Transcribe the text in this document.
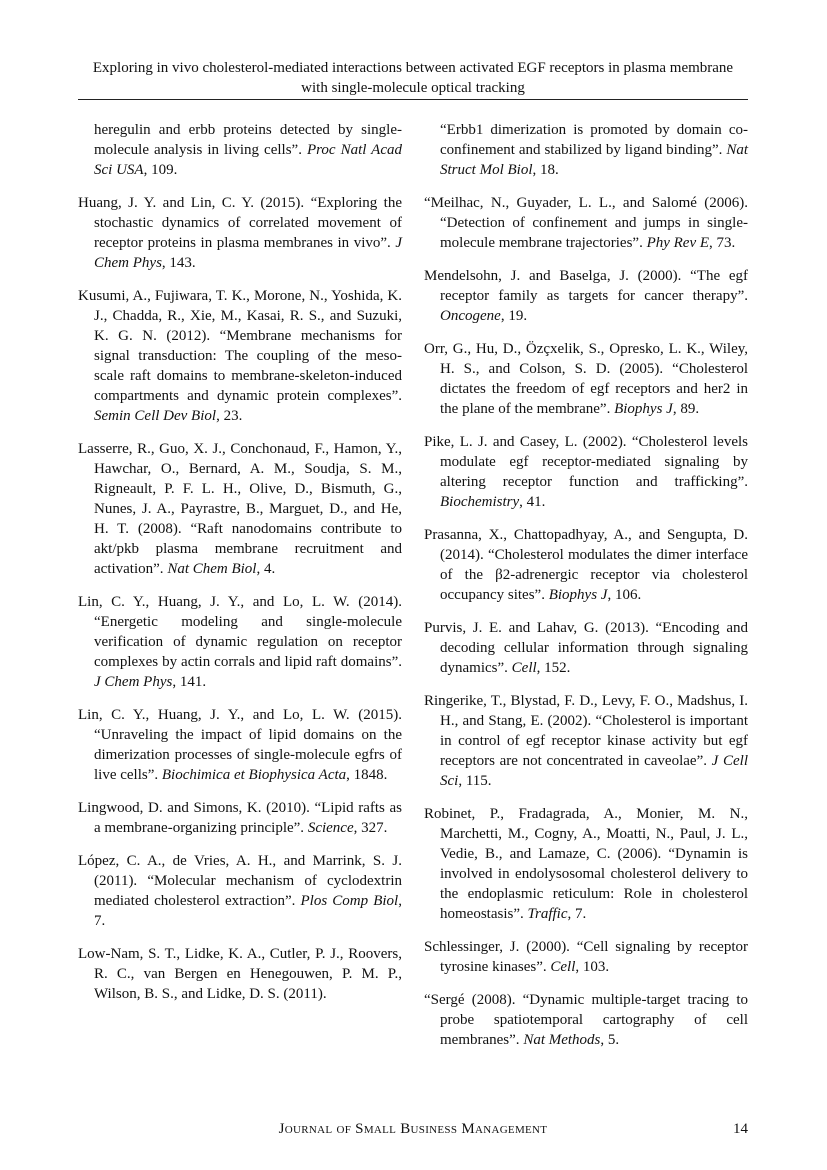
Exploring in vivo cholesterol-mediated interactions between activated EGF receptors in plasma membrane with single-molecule optical tracking

heregulin and erbb proteins detected by single-molecule analysis in living cells”. Proc Natl Acad Sci USA, 109.

Huang, J. Y. and Lin, C. Y. (2015). “Exploring the stochastic dynamics of correlated movement of receptor proteins in plasma membranes in vivo”. J Chem Phys, 143.

Kusumi, A., Fujiwara, T. K., Morone, N., Yoshida, K. J., Chadda, R., Xie, M., Kasai, R. S., and Suzuki, K. G. N. (2012). “Membrane mechanisms for signal transduction: The coupling of the meso-scale raft domains to membrane-skeleton-induced compartments and dynamic protein complexes”. Semin Cell Dev Biol, 23.

Lasserre, R., Guo, X. J., Conchonaud, F., Hamon, Y., Hawchar, O., Bernard, A. M., Soudja, S. M., Rigneault, P. F. L. H., Olive, D., Bismuth, G., Nunes, J. A., Payrastre, B., Marguet, D., and He, H. T. (2008). “Raft nanodomains contribute to akt/pkb plasma membrane recruitment and activation”. Nat Chem Biol, 4.

Lin, C. Y., Huang, J. Y., and Lo, L. W. (2014). “Energetic modeling and single-molecule verification of dynamic regulation on receptor complexes by actin corrals and lipid raft domains”. J Chem Phys, 141.

Lin, C. Y., Huang, J. Y., and Lo, L. W. (2015). “Unraveling the impact of lipid domains on the dimerization processes of single-molecule egfrs of live cells”. Biochimica et Biophysica Acta, 1848.

Lingwood, D. and Simons, K. (2010). “Lipid rafts as a membrane-organizing principle”. Science, 327.

López, C. A., de Vries, A. H., and Marrink, S. J. (2011). “Molecular mechanism of cyclodextrin mediated cholesterol extraction”. Plos Comp Biol, 7.

Low-Nam, S. T., Lidke, K. A., Cutler, P. J., Roovers, R. C., van Bergen en Henegouwen, P. M. P., Wilson, B. S., and Lidke, D. S. (2011).

“Erbb1 dimerization is promoted by domain co-confinement and stabilized by ligand binding”. Nat Struct Mol Biol, 18.

“Meilhac, N., Guyader, L. L., and Salomé (2006). “Detection of confinement and jumps in single-molecule membrane trajectories”. Phy Rev E, 73.

Mendelsohn, J. and Baselga, J. (2000). “The egf receptor family as targets for cancer therapy”. Oncogene, 19.

Orr, G., Hu, D., Özçxelik, S., Opresko, L. K., Wiley, H. S., and Colson, S. D. (2005). “Cholesterol dictates the freedom of egf receptors and her2 in the plane of the membrane”. Biophys J, 89.

Pike, L. J. and Casey, L. (2002). “Cholesterol levels modulate egf receptor-mediated signaling by altering receptor function and trafficking”. Biochemistry, 41.

Prasanna, X., Chattopadhyay, A., and Sengupta, D. (2014). “Cholesterol modulates the dimer interface of the β2-adrenergic receptor via cholesterol occupancy sites”. Biophys J, 106.

Purvis, J. E. and Lahav, G. (2013). “Encoding and decoding cellular information through signaling dynamics”. Cell, 152.

Ringerike, T., Blystad, F. D., Levy, F. O., Madshus, I. H., and Stang, E. (2002). “Cholesterol is important in control of egf receptor kinase activity but egf receptors are not concentrated in caveolae”. J Cell Sci, 115.

Robinet, P., Fradagrada, A., Monier, M. N., Marchetti, M., Cogny, A., Moatti, N., Paul, J. L., Vedie, B., and Lamaze, C. (2006). “Dynamin is involved in endolysosomal cholesterol delivery to the endoplasmic reticulum: Role in cholesterol homeostasis”. Traffic, 7.

Schlessinger, J. (2000). “Cell signaling by receptor tyrosine kinases”. Cell, 103.

“Sergé (2008). “Dynamic multiple-target tracing to probe spatiotemporal cartography of cell membranes”. Nat Methods, 5.

Journal of Small Business Management	14
